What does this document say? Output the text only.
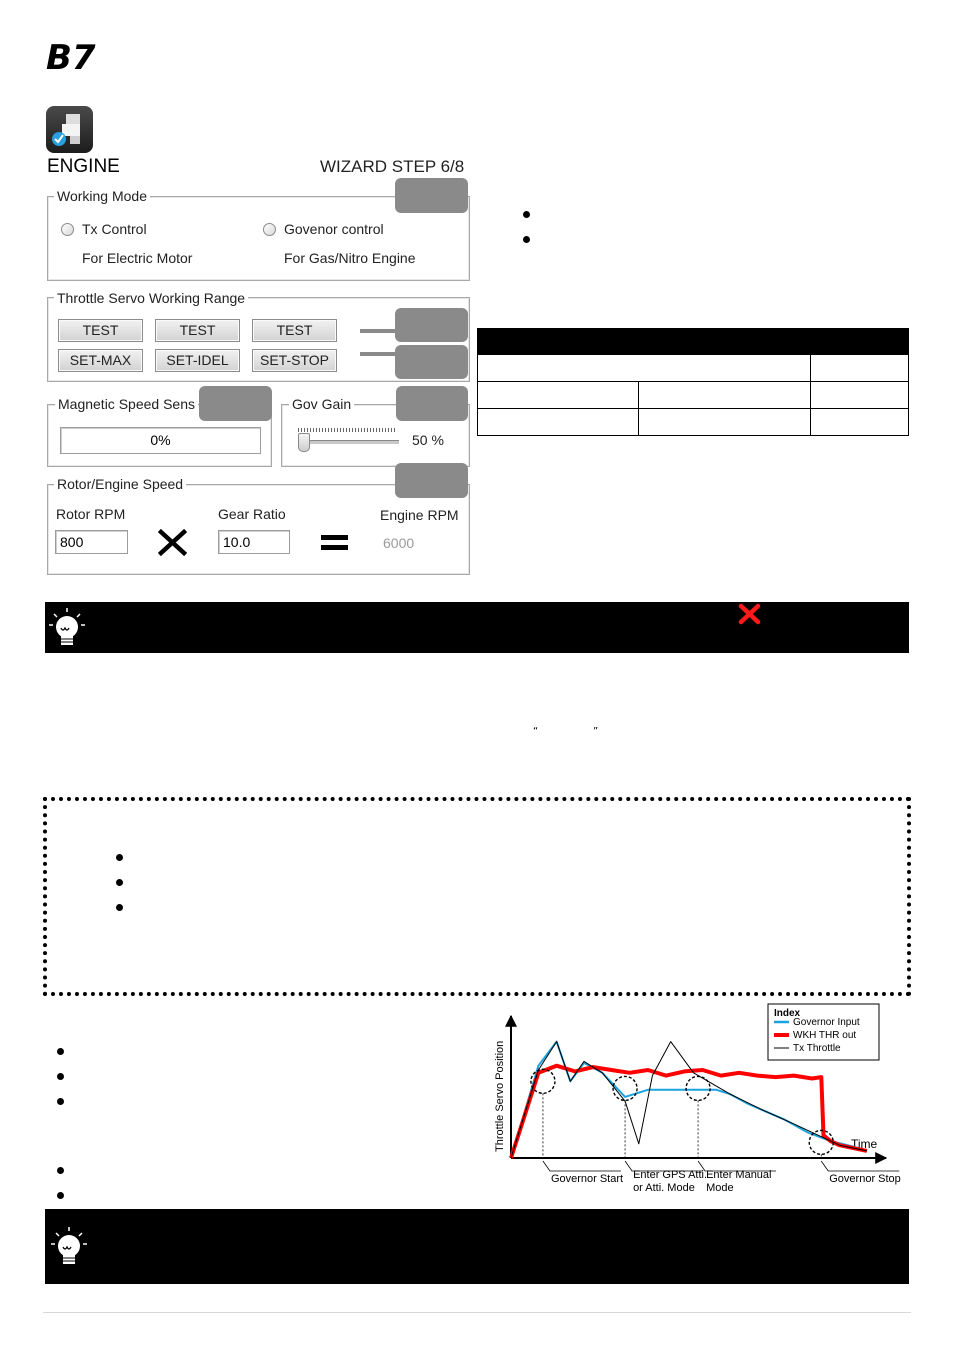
B7
ENGINE	WIZARD STEP 6/8
Working Mode
Tx Control
For Electric Motor
Govenor control
For Gas/Nitro Engine
Throttle Servo Working Range
TEST	TEST	TEST
SET-MAX	SET-IDEL	SET-STOP
Magnetic Speed Sens
0%
Gov Gain
50 %
Rotor/Engine Speed
Rotor RPM
800
Gear Ratio
10.0
Engine RPM
6000

“	”
Throttle Servo Position	Time
Governor Start Enter GPS Atti.
or Atti. Mode
Enter Manual
Mode
Governor Stop
Index
Governor Input
WKH THR out
Tx Throttle
